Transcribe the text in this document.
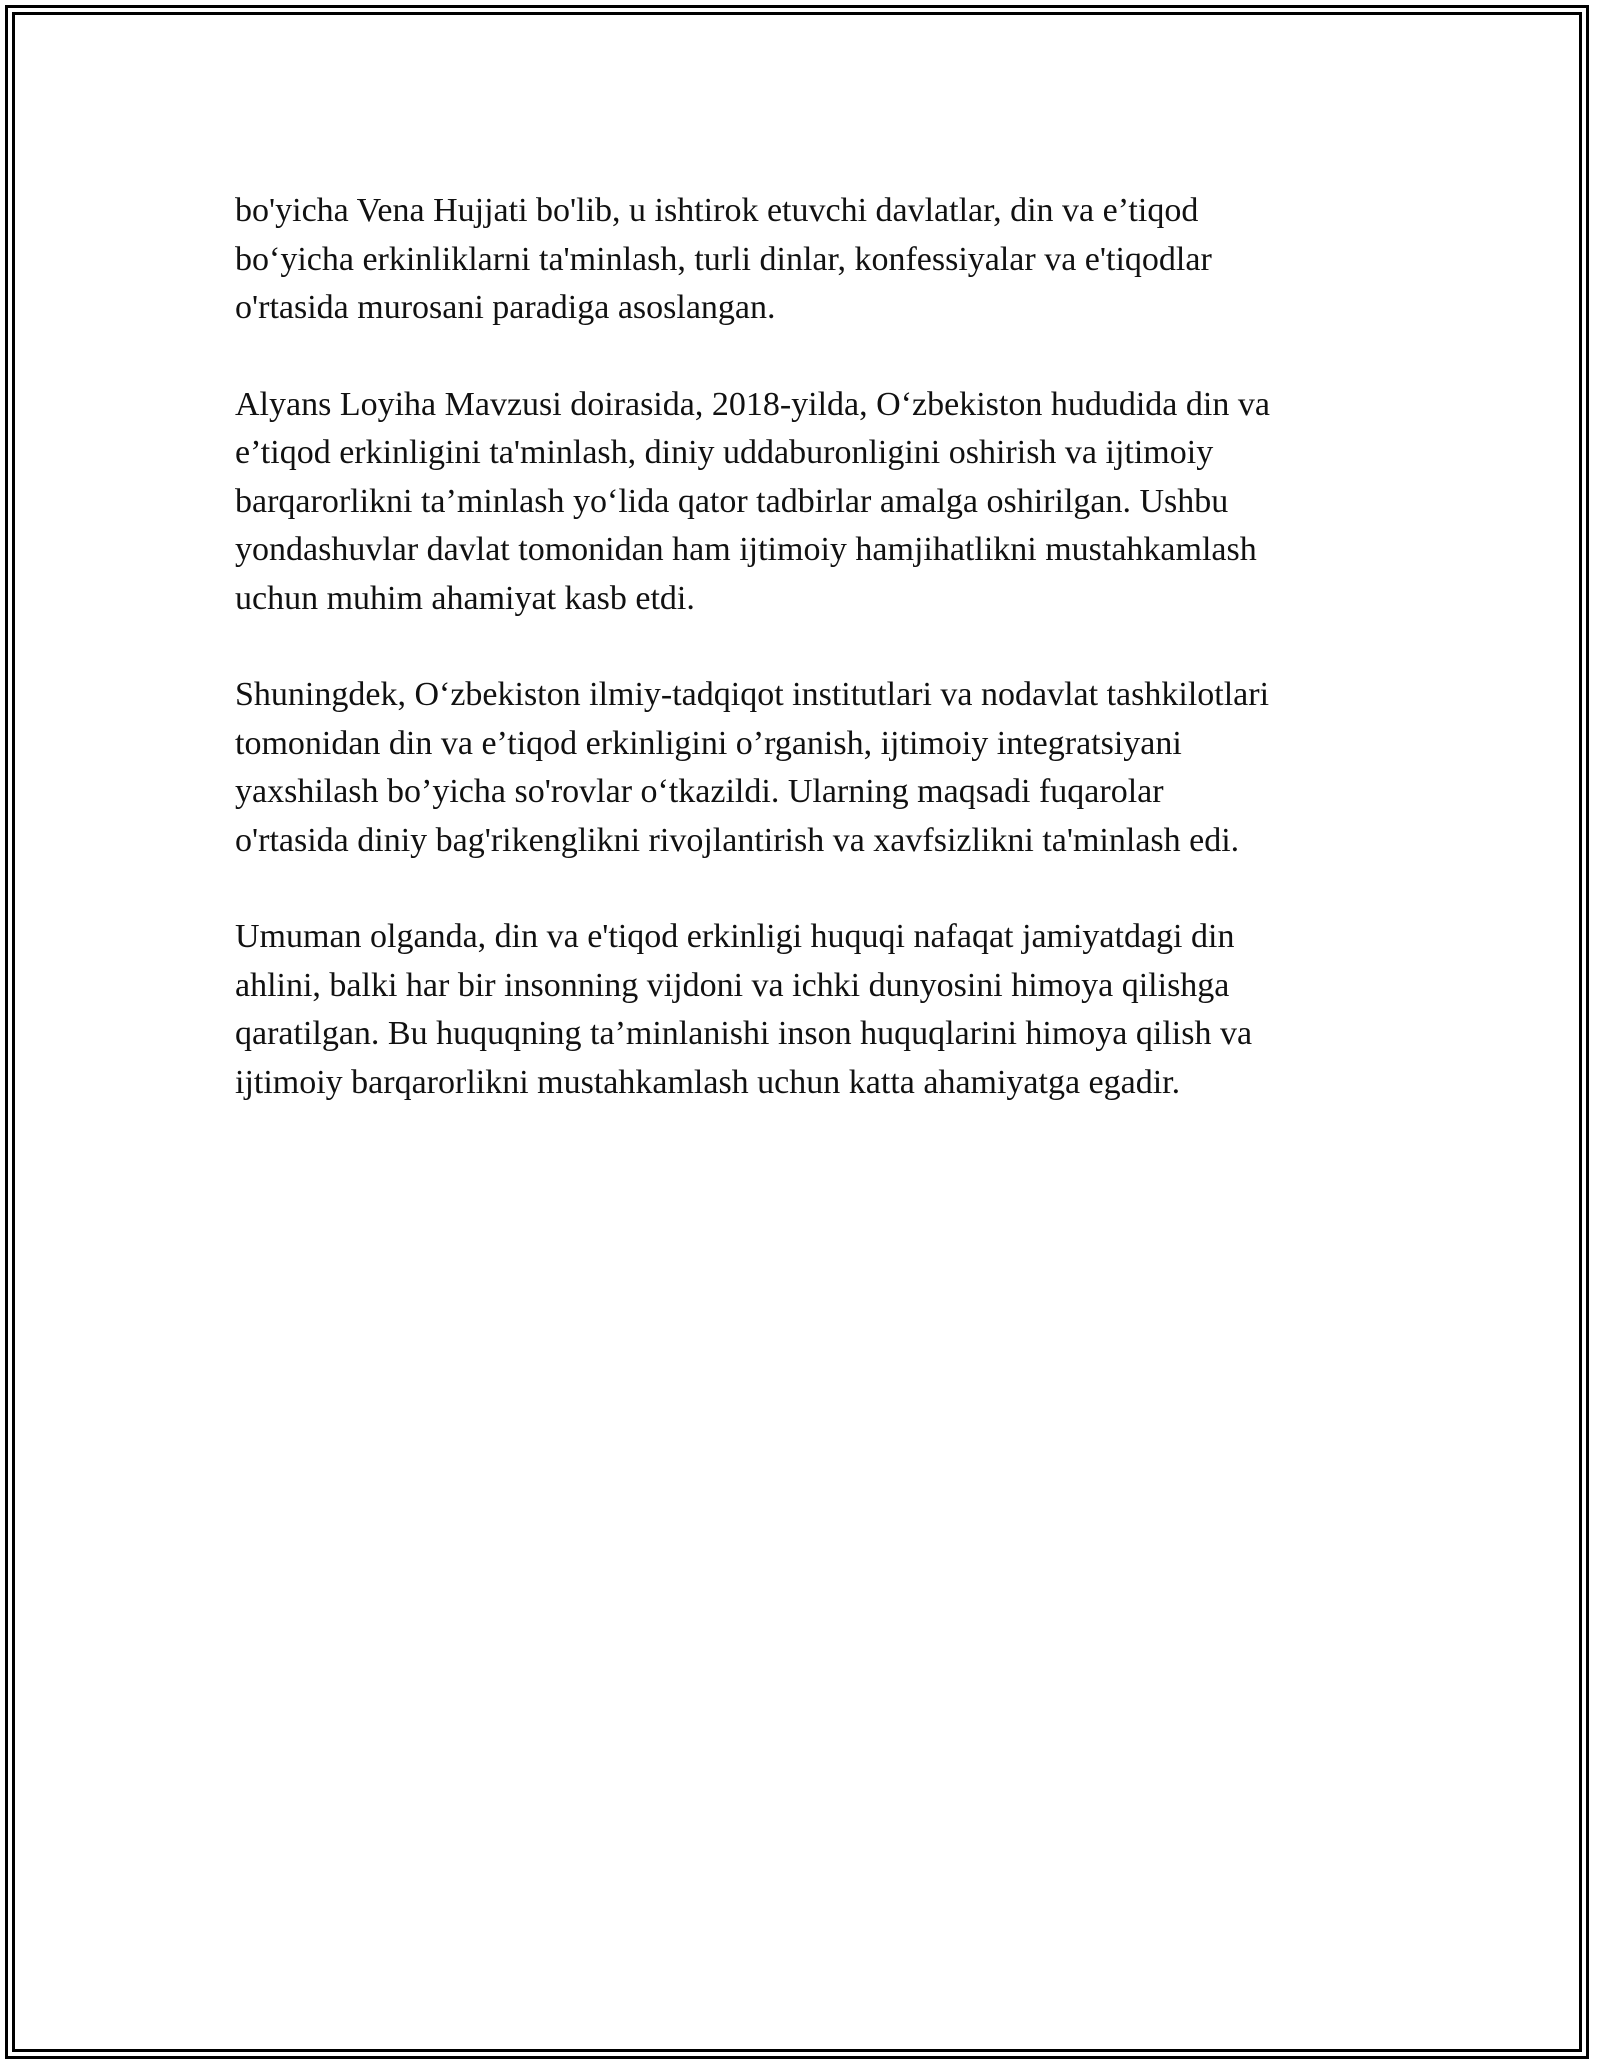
bo'yicha Vena Hujjati bo'lib, u ishtirok etuvchi davlatlar, din va e’tiqod
bo‘yicha erkinliklarni ta'minlash, turli dinlar, konfessiyalar va e'tiqodlar
o'rtasida murosani paradiga asoslangan.

Alyans Loyiha Mavzusi doirasida, 2018-yilda, O‘zbekiston hududida din va
e’tiqod erkinligini ta'minlash, diniy uddaburonligini oshirish va ijtimoiy
barqarorlikni ta’minlash yo‘lida qator tadbirlar amalga oshirilgan. Ushbu
yondashuvlar davlat tomonidan ham ijtimoiy hamjihatlikni mustahkamlash
uchun muhim ahamiyat kasb etdi.

Shuningdek, O‘zbekiston ilmiy-tadqiqot institutlari va nodavlat tashkilotlari
tomonidan din va e’tiqod erkinligini o’rganish, ijtimoiy integratsiyani
yaxshilash bo’yicha so'rovlar o‘tkazildi. Ularning maqsadi fuqarolar
o'rtasida diniy bag'rikenglikni rivojlantirish va xavfsizlikni ta'minlash edi.

Umuman olganda, din va e'tiqod erkinligi huquqi nafaqat jamiyatdagi din
ahlini, balki har bir insonning vijdoni va ichki dunyosini himoya qilishga
qaratilgan. Bu huquqning ta’minlanishi inson huquqlarini himoya qilish va
ijtimoiy barqarorlikni mustahkamlash uchun katta ahamiyatga egadir.
